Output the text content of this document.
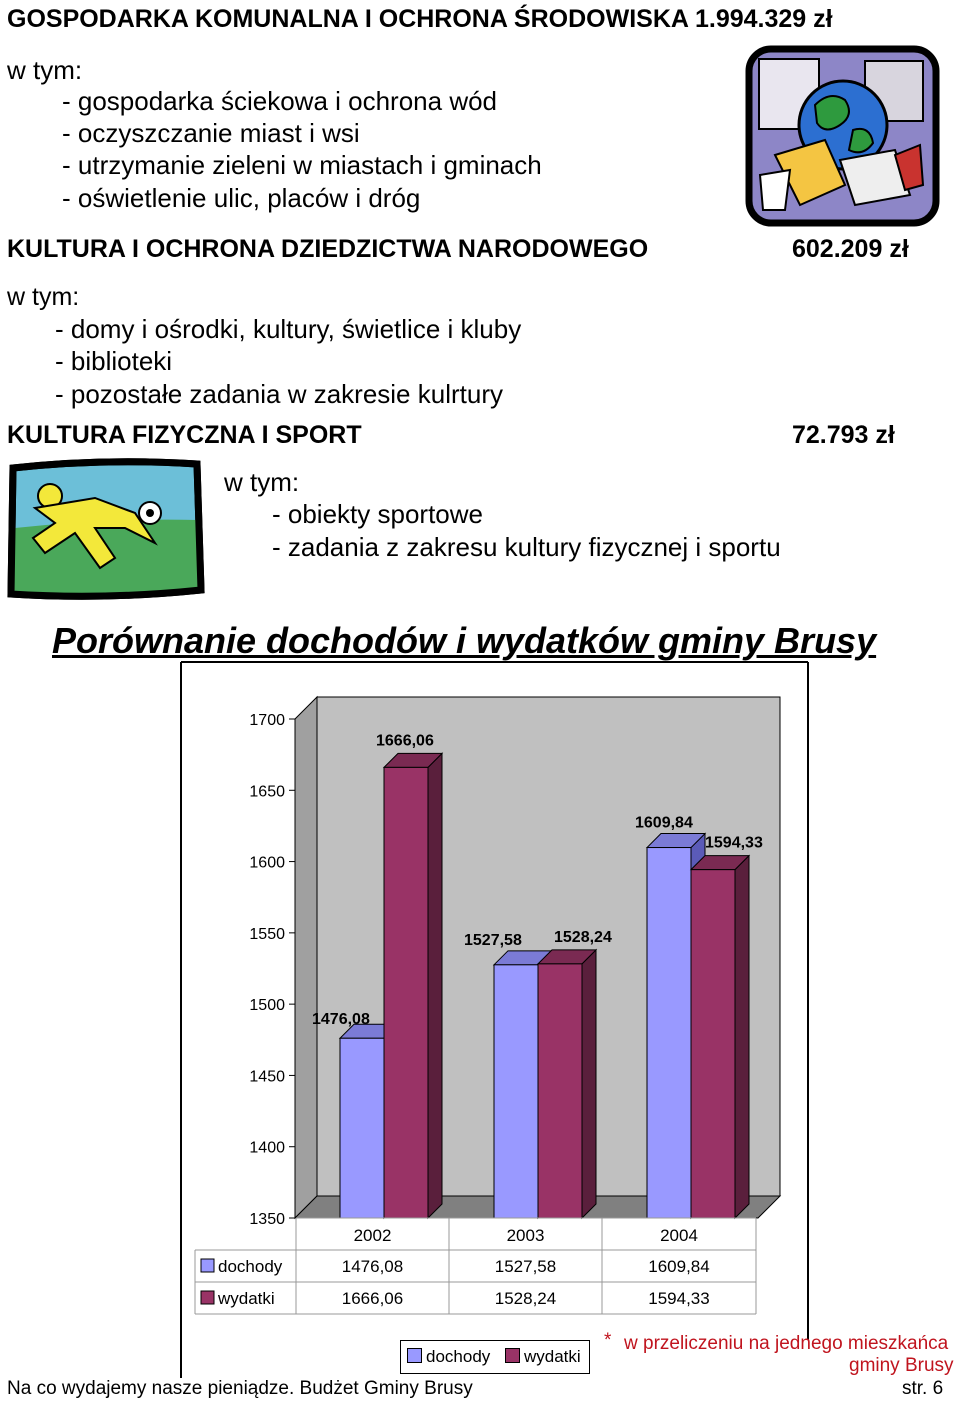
GOSPODARKA KOMUNALNA I OCHRONA ŚRODOWISKA 1.994.329 zł
w tym:
- gospodarka ściekowa i ochrona wód
- oczyszczanie miast i wsi
- utrzymanie zieleni w miastach i gminach
- oświetlenie ulic, placów i dróg
KULTURA I OCHRONA DZIEDZICTWA NARODOWEGO	602.209 zł
w tym:
- domy i ośrodki, kultury, świetlice i kluby
- biblioteki
- pozostałe zadania w zakresie kulrtury
KULTURA FIZYCZNA I SPORT	72.793 zł
w tym:
- obiekty sportowe
- zadania z zakresu kultury fizycznej i sportu
Porównanie dochodów i wydatków gminy Brusy
1350
1400
1450
1500
1550
1600
1650
1700
1476,08
1666,06
1527,58 1528,24
1609,84
1594,33
2002	2003	2004
dochody	1476,08	1527,58	1609,84
wydatki	1666,06	1528,24	1594,33
dochody	wydatki
* w przeliczeniu na jednego mieszkańca
gminy Brusy
Na co wydajemy nasze pieniądze. Budżet Gminy Brusy	str. 6
